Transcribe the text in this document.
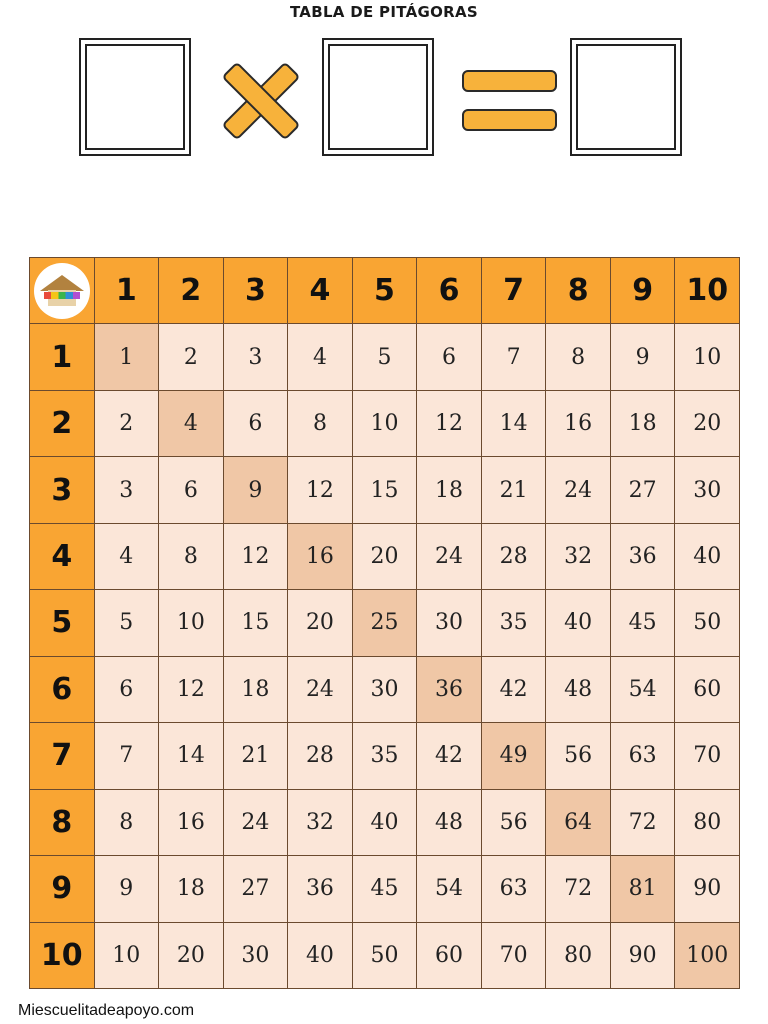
TABLA DE PITÁGORAS
1	2	3	4	5	6	7	8	9	10
1	1	2	3	4	5	6	7	8	9	10
2	2	4	6	8	10	12	14	16	18	20
3	3	6	9	12	15	18	21	24	27	30
4	4	8	12	16	20	24	28	32	36	40
5	5	10	15	20	25	30	35	40	45	50
6	6	12	18	24	30	36	42	48	54	60
7	7	14	21	28	35	42	49	56	63	70
8	8	16	24	32	40	48	56	64	72	80
9	9	18	27	36	45	54	63	72	81	90
10	10	20	30	40	50	60	70	80	90	100
Miescuelitadeapoyo.com
